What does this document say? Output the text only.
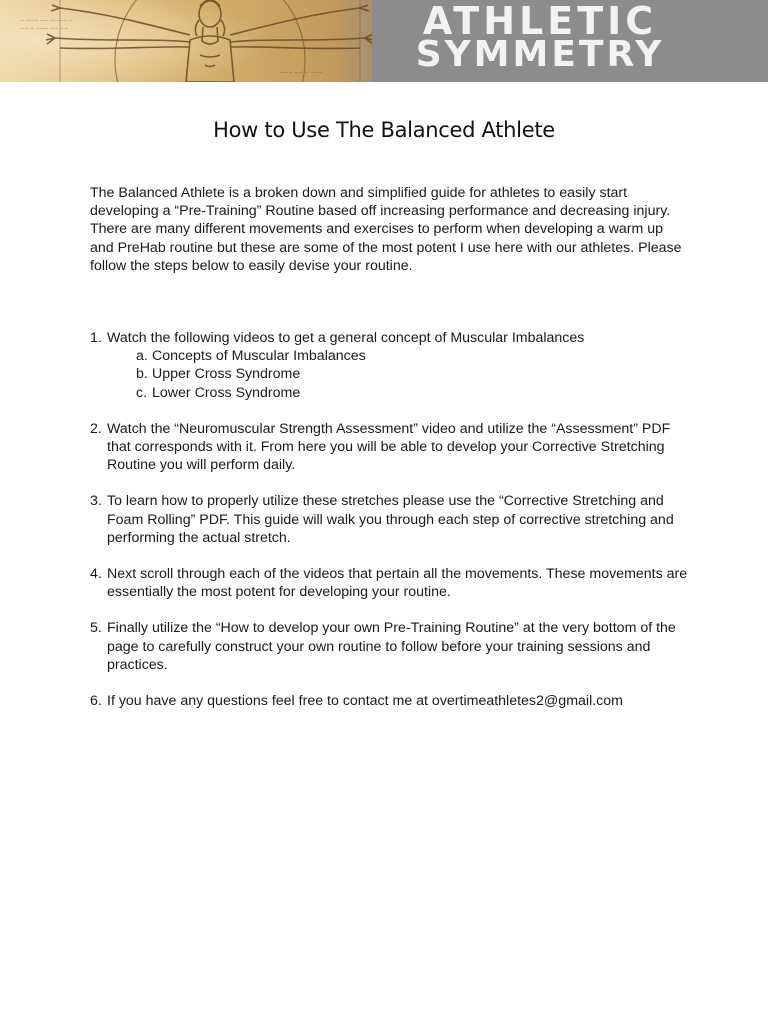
~ ~~~ ~~ ~~~~ ~
~~ ~ ~~~ ~~ ~~
~~~ ~~ ~ ~~~
ATHLETIC
SYMMETRY
How to Use The Balanced Athlete
The Balanced Athlete is a broken down and simplified guide for athletes to easily start developing a “Pre-Training” Routine based off increasing performance and decreasing injury. There are many different movements and exercises to perform when developing a warm up and PreHab routine but these are some of the most potent I use here with our athletes. Please follow the steps below to easily devise your routine.
1. Watch the following videos to get a general concept of Muscular Imbalances
a. Concepts of Muscular Imbalances
b. Upper Cross Syndrome
c. Lower Cross Syndrome
2. Watch the “Neuromuscular Strength Assessment” video and utilize the “Assessment” PDF that corresponds with it. From here you will be able to develop your Corrective Stretching Routine you will perform daily.
3. To learn how to properly utilize these stretches please use the “Corrective Stretching and Foam Rolling” PDF. This guide will walk you through each step of corrective stretching and performing the actual stretch.
4. Next scroll through each of the videos that pertain all the movements. These movements are essentially the most potent for developing your routine.
5. Finally utilize the “How to develop your own Pre-Training Routine” at the very bottom of the page to carefully construct your own routine to follow before your training sessions and practices.
6. If you have any questions feel free to contact me at overtimeathletes2@gmail.com
